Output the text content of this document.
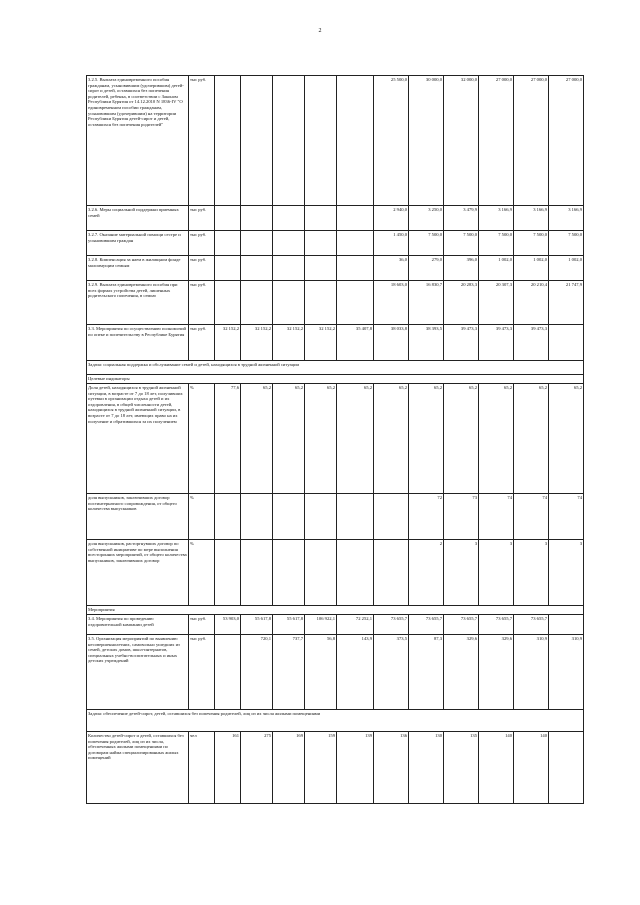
2
3.2.5. Выплата единовременного пособия гражданам, усыновившим (удочерившим) детей-сирот и детей, оставшихся без попечения родителей, ребенка, в соответствии с Законом Республики Бурятия от 14.12.2010 N 1836-IV "О единовременном пособии гражданам, усыновившим (удочерившим) на территории Республики Бурятия детей-сирот и детей, оставшихся без попечения родителей"	тыс руб.						25 500,0	30 000,0	32 000,0	27 000,0	27 000,0	27 000,0
3.2.6. Меры социальной поддержки приемных семей	тыс руб.						2 940,0	3 250,0	3 479,9	3 166,9	3 166,9	3 166,9
3.2.7. Оказание материальной помощи сестре и усыновившим граждан	тыс руб.						1 450,0	7 500,0	7 500,0	7 500,0	7 500,0	7 500,0
3.2.8. Компенсация за наем в жилищном фонде малоимущим семьям	тыс руб.						36,0	279,0	396,0	1 002,0	1 002,0	1 002,0
3.2.9. Выплата единовременного пособия при всех формах устройства детей, лишенных родительского попечения, в семью	тыс руб.						18 603,0	16 830,7	20 283,3	20 307,3	20 210,4	21 747,9
3.3. Мероприятия по осуществлению полномочий по опеке и попечительству в Республике Бурятия	тыс руб.	32 152,2	32 152,2	32 152,2	32 152,2	35 407,8	38 033,8	38 393,5	39 473,3	39 473,3	39 473,3	
Задача: социальная поддержка и обслуживание семей и детей, находящихся в трудной жизненной ситуации												
Целевые индикаторы												
Доля детей, находящихся в трудной жизненной ситуации, в возрасте от 7 до 18 лет, получивших путевки в организации отдыха детей и их оздоровления, в общей численности детей, находящихся в трудной жизненной ситуации, в возрасте от 7 до 18 лет, имеющих право на их получение и обратившихся за их получением	%	77,6	65,2	65,2	65,2	65,2	65,2	65,2	65,2	65,2	65,2	65,2
доля выпускников, заключивших договор постинтернатного сопровождения, от общего количества выпускников	%							72	73	74	74	74
доля выпускников, расторгнувших договор по собственной инициативе по мере выполнения всесторонних мероприятий, от общего количества выпускников, заключивших договор	%							2	3	3	3	3
Мероприятия												
3.4. Мероприятия по проведению оздоровительной кампании детей	тыс руб.	53 903,0	55 617,8	55 617,8	106 922,1	72 252,1	73 655,7	73 655,7	73 655,7	73 655,7	73 655,7	
3.5. Организация мероприятий по выявлению несовершеннолетних, самовольно ушедших из семей, детских домов, школ-интернатов, специальных учебно-воспитательных и иных детских учреждений	тыс руб.		720,1	737,7	56,8	143,9	373,5	87,3	329,6	329,6	310,9	310,9
Задача: обеспечение детей-сирот, детей, оставшихся без попечения родителей, лиц из их числа жилыми помещениями												
Количество детей-сирот и детей, оставшихся без попечения родителей, лиц из их числа, обеспеченных жилыми помещениями по договорам найма специализированных жилых помещений	чел	161	275	169	159	139	136	130	135	140	140	
